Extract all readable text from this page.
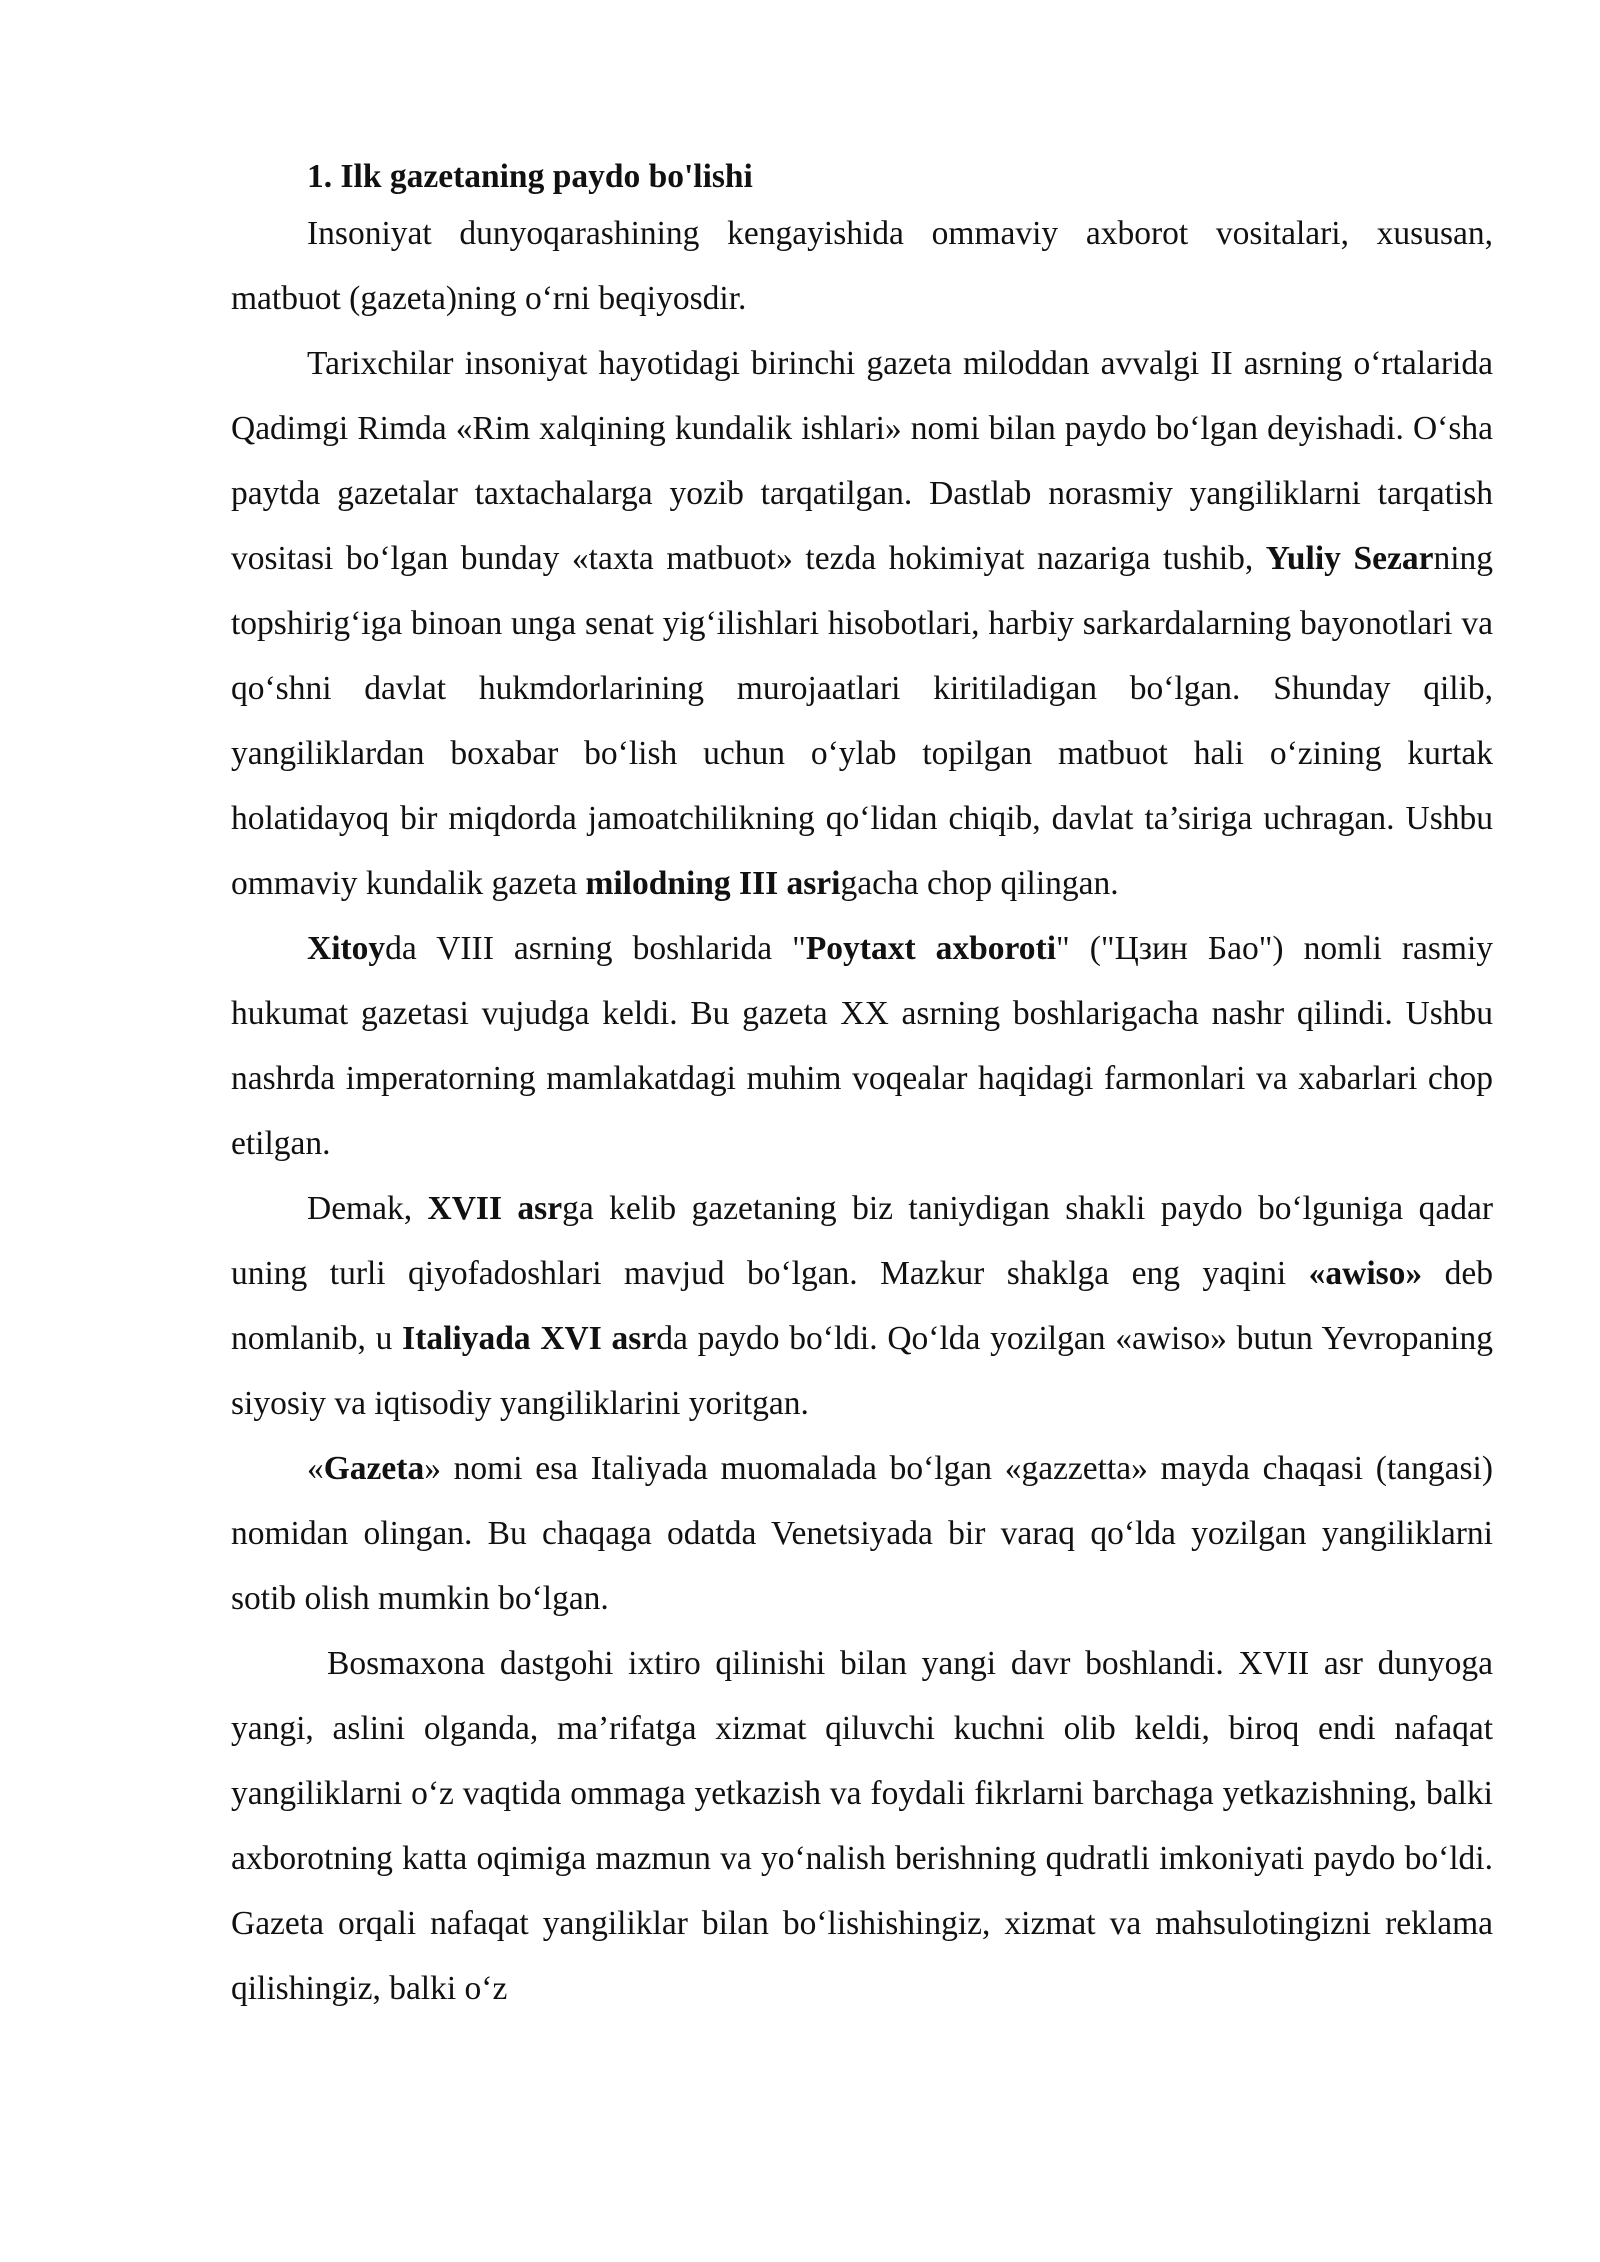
1. Ilk gazetaning paydo bo'lishi

Insoniyat dunyoqarashining kengayishida ommaviy axborot vositalari, xususan, matbuot (gazeta)ning o‘rni beqiyosdir.

Tarixchilar insoniyat hayotidagi birinchi gazeta miloddan avvalgi II asrning o‘rtalarida Qadimgi Rimda «Rim xalqining kundalik ishlari» nomi bilan paydo bo‘lgan deyishadi. O‘sha paytda gazetalar taxtachalarga yozib tarqatilgan. Dastlab norasmiy yangiliklarni tarqatish vositasi bo‘lgan bunday «taxta matbuot» tezda hokimiyat nazariga tushib, Yuliy Sezarning topshirig‘iga binoan unga senat yig‘ilishlari hisobotlari, harbiy sarkardalarning bayonotlari va qo‘shni davlat hukmdorlarining murojaatlari kiritiladigan bo‘lgan. Shunday qilib, yangiliklardan boxabar bo‘lish uchun o‘ylab topilgan matbuot hali o‘zining kurtak holatidayoq bir miqdorda jamoatchilikning qo‘lidan chiqib, davlat ta’siriga uchragan. Ushbu ommaviy kundalik gazeta milodning III asrigacha chop qilingan.

Xitoyda VIII asrning boshlarida "Poytaxt axboroti" ("Цзин Бао") nomli rasmiy hukumat gazetasi vujudga keldi. Bu gazeta XX asrning boshlarigacha nashr qilindi. Ushbu nashrda imperatorning mamlakatdagi muhim voqealar haqidagi farmonlari va xabarlari chop etilgan.

Demak, XVII asrga kelib gazetaning biz taniydigan shakli paydo bo‘lguniga qadar uning turli qiyofadoshlari mavjud bo‘lgan. Mazkur shaklga eng yaqini «awiso» deb nomlanib, u Italiyada XVI asrda paydo bo‘ldi. Qo‘lda yozilgan «awiso» butun Yevropaning siyosiy va iqtisodiy yangiliklarini yoritgan.

«Gazeta» nomi esa Italiyada muomalada bo‘lgan «gazzetta» mayda chaqasi (tangasi) nomidan olingan. Bu chaqaga odatda Venetsiyada bir varaq qo‘lda yozilgan yangiliklarni sotib olish mumkin bo‘lgan.

Bosmaxona dastgohi ixtiro qilinishi bilan yangi davr boshlandi. XVII asr dunyoga yangi, aslini olganda, ma’rifatga xizmat qiluvchi kuchni olib keldi, biroq endi nafaqat yangiliklarni o‘z vaqtida ommaga yetkazish va foydali fikrlarni barchaga yetkazishning, balki axborotning katta oqimiga mazmun va yo‘nalish berishning qudratli imkoniyati paydo bo‘ldi. Gazeta orqali nafaqat yangiliklar bilan bo‘lishishingiz, xizmat va mahsulotingizni reklama qilishingiz, balki o‘z
